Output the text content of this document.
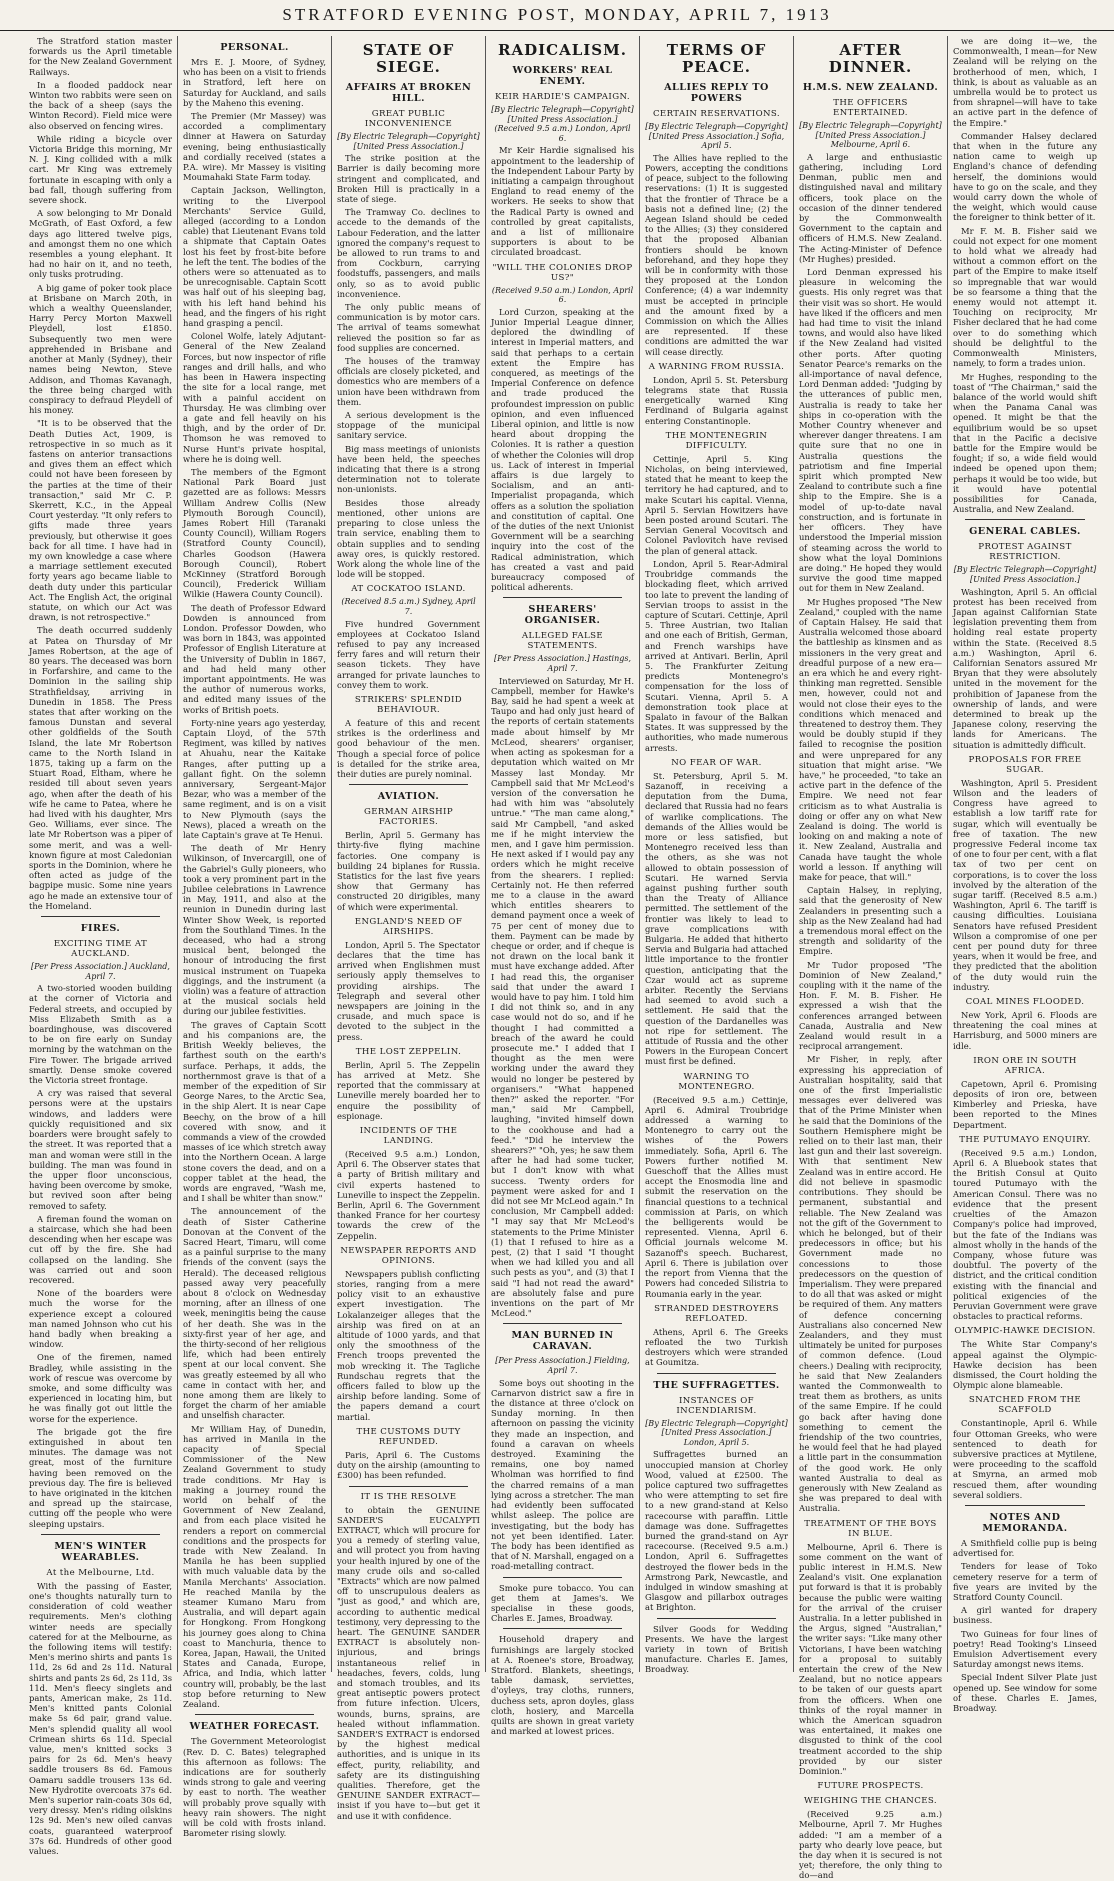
STRATFORD EVENING POST, MONDAY, APRIL 7, 1913

The Stratford station master forwards us the April timetable for the New Zealand Government Railways.

In a flooded paddock near Winton two rabbits were seen on the back of a sheep (says the Winton Record). Field mice were also observed on fencing wires.

While riding a bicycle over Victoria Bridge this morning, Mr N. J. King collided with a milk cart. Mr King was extremely fortunate in escaping with only a bad fall, though suffering from severe shock.

A sow belonging to Mr Donald McGrath, of East Oxford, a few days ago littered twelve pigs, and amongst them no one which resembles a young elephant. It had no hair on it, and no teeth, only tusks protruding.

A big game of poker took place at Brisbane on March 20th, in which a wealthy Queenslander, Harry Percy Morton Maxwell Pleydell, lost £1850. Subsequently two men were apprehended in Brisbane and another at Manly (Sydney), their names being Newton, Steve Addison, and Thomas Kavanagh, the three being charged with conspiracy to defraud Pleydell of his money.

"It is to be observed that the Death Duties Act, 1909, is retrospective in so much as it fastens on anterior transactions and gives them an effect which could not have been foreseen by the parties at the time of their transaction," said Mr C. P. Skerrett, K.C., in the Appeal Court yesterday. "It only refers to gifts made three years previously, but otherwise it goes back for all time. I have had in my own knowledge a case where a marriage settlement executed forty years ago became liable to death duty under this particular Act. The English Act, the original statute, on which our Act was drawn, is not retrospective."

The death occurred suddenly at Patea on Thursday of Mr James Robertson, at the age of 80 years. The deceased was born in Forfarshire, and came to the Dominion in the sailing ship Strathfieldsay, arriving in Dunedin in 1858. The Press states that after working on the famous Dunstan and several other goldfields of the South Island, the late Mr Robertson came to the North Island in 1875, taking up a farm on the Stuart Road, Eltham, where he resided till about seven years ago, when after the death of his wife he came to Patea, where he had lived with his daughter, Mrs Geo. Williams, ever since. The late Mr Robertson was a piper of some merit, and was a well-known figure at most Caledonian sports in the Dominion, where he often acted as judge of the bagpipe music. Some nine years ago he made an extensive tour of the Homeland.

FIRES.
EXCITING TIME AT AUCKLAND.
[Per Press Association.] Auckland, April 7.

A two-storied wooden building at the corner of Victoria and Federal streets, and occupied by Miss Elizabeth Smith as a boardinghouse, was discovered to be on fire early on Sunday morning by the watchman on the Fire Tower. The brigade arrived smartly. Dense smoke covered the Victoria street frontage.

A cry was raised that several persons were at the upstairs windows, and ladders were quickly requisitioned and six boarders were brought safely to the street. It was reported that a man and woman were still in the building. The man was found in the upper floor unconscious, having been overcome by smoke, but revived soon after being removed to safety.

A fireman found the woman on a staircase, which she had been descending when her escape was cut off by the fire. She had collapsed on the landing. She was carried out and soon recovered.

None of the boarders were much the worse for the experience except a coloured man named Johnson who cut his hand badly when breaking a window.

One of the firemen, named Bradley, while assisting in the work of rescue was overcome by smoke, and some difficulty was experienced in locating him, but he was finally got out little the worse for the experience.

The brigade got the fire extinguished in about ten minutes. The damage was not great, most of the furniture having been removed on the previous day. The fire is believed to have originated in the kitchen and spread up the staircase, cutting off the people who were sleeping upstairs.

MEN'S WINTER WEARABLES.
At the Melbourne, Ltd.

With the passing of Easter, one's thoughts naturally turn to consideration of cold weather requirements. Men's clothing winter needs are specially catered for at the Melbourne, as the following items will testify: Men's merino shirts and pants 1s 11d, 2s 6d and 2s 11d. Natural shirts and pants 2s 6d, 2s 11d, 3s 11d. Men's fleecy singlets and pants, American make, 2s 11d. Men's knitted pants Colonial make 5s 6d pair, grand value. Men's splendid quality all wool Crimean shirts 6s 11d. Special value, men's knitted socks 3 pairs for 2s 6d. Men's heavy saddle trousers 8s 6d. Famous Oamaru saddle trousers 13s 6d. New Hydrotite overcoats 37s 6d. Men's superior rain-coats 30s 6d, very dressy. Men's riding oilskins 12s 9d. Men's new oiled canvas coats, guaranteed waterproof 37s 6d. Hundreds of other good values.

PERSONAL.

Mrs E. J. Moore, of Sydney, who has been on a visit to friends in Stratford, left here on Saturday for Auckland, and sails by the Maheno this evening.

The Premier (Mr Massey) was accorded a complimentary dinner at Hawera on Saturday evening, being enthusiastically and cordially received (states a P.A. wire). Mr Massey is visiting Moumahaki State Farm today.

Captain Jackson, Wellington, writing to the Liverpool Merchants' Service Guild, alleged (according to a London cable) that Lieutenant Evans told a shipmate that Captain Oates lost his feet by frost-bite before he left the tent. The bodies of the others were so attenuated as to be unrecognisable. Captain Scott was half out of his sleeping bag, with his left hand behind his head, and the fingers of his right hand grasping a pencil.

Colonel Wolfe, lately Adjutant-General of the New Zealand Forces, but now inspector of rifle ranges and drill halls, and who has been in Hawera inspecting the site for a local range, met with a painful accident on Thursday. He was climbing over a gate and fell heavily on his thigh, and by the order of Dr. Thomson he was removed to Nurse Hunt's private hospital, where he is doing well.

The members of the Egmont National Park Board just gazetted are as follows: Messrs William Andrew Collis (New Plymouth Borough Council), James Robert Hill (Taranaki County Council), William Rogers (Stratford County Council), Charles Goodson (Hawera Borough Council), Robert McKinney (Stratford Borough Council), Frederick William Wilkie (Hawera County Council).

The death of Professor Edward Dowden is announced from London. Professor Dowden, who was born in 1843, was appointed Professor of English Literature at the University of Dublin in 1867, and had held many other important appointments. He was the author of numerous works, and edited many issues of the works of British poets.

Forty-nine years ago yesterday, Captain Lloyd, of the 57th Regiment, was killed by natives at Ahuahu, near the Kaitake Ranges, after putting up a gallant fight. On the solemn anniversary, Sergeant-Major Bezar, who was a member of the same regiment, and is on a visit to New Plymouth (says the News), placed a wreath on the late Captain's grave at Te Henui.

The death of Mr Henry Wilkinson, of Invercargill, one of the Gabriel's Gully pioneers, who took a very prominent part in the Jubilee celebrations in Lawrence in May, 1911, and also at the reunion in Dunedin during last Winter Show Week, is reported from the Southland Times. In the deceased, who had a strong musical bent, belonged the honour of introducing the first musical instrument on Tuapeka diggings, and the instrument (a violin) was a feature of attraction at the musical socials held during our jubilee festivities.

The graves of Captain Scott and his companions are, the British Weekly believes, the farthest south on the earth's surface. Perhaps, it adds, the northernmost grave is that of a member of the expedition of Sir George Nares, to the Arctic Sea, in the ship Alert. It is near Cape Beechy, on the brow of a hill covered with snow, and it commands a view of the crowded masses of ice which stretch away into the Northern Ocean. A large stone covers the dead, and on a copper tablet at the head, the words are engraved, "Wash me, and I shall be whiter than snow."

The announcement of the death of Sister Catherine Donovan at the Convent of the Sacred Heart, Timaru, will come as a painful surprise to the many friends of the convent (says the Herald). The deceased religious passed away very peacefully about 8 o'clock on Wednesday morning, after an illness of one week, meningitis being the cause of her death. She was in the sixty-first year of her age, and the thirty-second of her religious life, which had been entirely spent at our local convent. She was greatly esteemed by all who came in contact with her, and none among them are likely to forget the charm of her amiable and unselfish character.

Mr William Hay, of Dunedin, has arrived in Manila in the capacity of Special Commissioner of the New Zealand Government to study trade conditions. Mr Hay is making a journey round the world on behalf of the Government of New Zealand, and from each place visited he renders a report on commercial conditions and the prospects for trade with New Zealand. In Manila he has been supplied with much valuable data by the Manila Merchants' Association. He reached Manila by the steamer Kumano Maru from Australia, and will depart again for Hongkong. From Hongkong his journey goes along to China coast to Manchuria, thence to Korea, Japan, Hawaii, the United States and Canada, Europe, Africa, and India, which latter country will, probably, be the last stop before returning to New Zealand.

WEATHER FORECAST.

The Government Meteorologist (Rev. D. C. Bates) telegraphed this afternoon as follows: The indications are for southerly winds strong to gale and veering by east to north. The weather will probably prove squally with heavy rain showers. The night will be cold with frosts inland. Barometer rising slowly.

STATE OF SIEGE.
AFFAIRS AT BROKEN HILL.
GREAT PUBLIC INCONVENIENCE
[By Electric Telegraph—Copyright] [United Press Association.]

The strike position at the Barrier is daily becoming more stringent and complicated, and Broken Hill is practically in a state of siege.

The Tramway Co. declines to accede to the demands of the Labour Federation, and the latter ignored the company's request to be allowed to run trams to and from Cockburn, carrying foodstuffs, passengers, and mails only, so as to avoid public inconvenience.

The only public means of communication is by motor cars. The arrival of teams somewhat relieved the position so far as food supplies are concerned.

The houses of the tramway officials are closely picketed, and domestics who are members of a union have been withdrawn from them.

A serious development is the stoppage of the municipal sanitary service.

Big mass meetings of unionists have been held, the speeches indicating that there is a strong determination not to tolerate non-unionists.

Besides those already mentioned, other unions are preparing to close unless the train service, enabling them to obtain supplies and to sending away ores, is quickly restored. Work along the whole line of the lode will be stopped.

AT COCKATOO ISLAND.
(Received 8.5 a.m.) Sydney, April 7.

Five hundred Government employees at Cockatoo Island refused to pay any increased ferry fares and will return their season tickets. They have arranged for private launches to convey them to work.

STRIKERS' SPLENDID BEHAVIOUR.

A feature of this and recent strikes is the orderliness and good behaviour of the men. Though a special force of police is detailed for the strike area, their duties are purely nominal.

AVIATION.
GERMAN AIRSHIP FACTORIES.

Berlin, April 5. Germany has thirty-five flying machine factories. One company is building 24 biplanes for Russia. Statistics for the last five years show that Germany has constructed 20 dirigibles, many of which were experimental.

ENGLAND'S NEED OF AIRSHIPS.

London, April 5. The Spectator declares that the time has arrived when Englishmen must seriously apply themselves to providing airships. The Telegraph and several other newspapers are joining in the crusade, and much space is devoted to the subject in the press.

THE LOST ZEPPELIN.

Berlin, April 5. The Zeppelin has arrived at Metz. She reported that the commissary at Luneville merely boarded her to enquire the possibility of espionage.

INCIDENTS OF THE LANDING.

(Received 9.5 a.m.) London, April 6. The Observer states that a party of British military and civil experts hastened to Luneville to inspect the Zeppelin. Berlin, April 6. The Government thanked France for her courtesy towards the crew of the Zeppelin.

NEWSPAPER REPORTS AND OPINIONS.

Newspapers publish conflicting stories, ranging from a mere policy visit to an exhaustive expert investigation. The Lokalanzeiger alleges that the airship was fired on at an altitude of 1000 yards, and that only the smoothness of the French troops prevented the mob wrecking it. The Tagliche Rundschau regrets that the officers failed to blow up the airship before landing. Some of the papers demand a court martial.

THE CUSTOMS DUTY REFUNDED.

Paris, April 6. The Customs duty on the airship (amounting to £300) has been refunded.

IT IS THE RESOLVE

to obtain the GENUINE SANDER'S EUCALYPTI EXTRACT, which will procure for you a remedy of sterling value, and will protect you from having your health injured by one of the many crude oils and so-called "Extracts" which are now palmed off to unscrupulous dealers as "just as good," and which are, according to authentic medical testimony, very depressing to the heart. The GENUINE SANDER EXTRACT is absolutely non-injurious, and brings instantaneous relief in headaches, fevers, colds, lung and stomach troubles, and its great antiseptic powers protect from future infection. Ulcers, wounds, burns, sprains, are healed without inflammation. SANDER'S EXTRACT is endorsed by the highest medical authorities, and is unique in its effect, purity, reliability, and safety are its distinguishing qualities. Therefore, get the GENUINE SANDER EXTRACT—insist if you have to—but get it and use it with confidence.

RADICALISM.
WORKERS' REAL ENEMY.
KEIR HARDIE'S CAMPAIGN.
[By Electric Telegraph—Copyright] [United Press Association.] (Received 9.5 a.m.) London, April 6.

Mr Keir Hardie signalised his appointment to the leadership of the Independent Labour Party by initiating a campaign throughout England to read enemy of the workers. He seeks to show that the Radical Party is owned and controlled by great capitalists, and a list of millionaire supporters is about to be circulated broadcast.

"WILL THE COLONIES DROP US?"
(Received 9.50 a.m.) London, April 6.

Lord Curzon, speaking at the Junior Imperial League dinner, deplored the dwindling of interest in Imperial matters, and said that perhaps to a certain extent the Empire has conquered, as meetings of the Imperial Conference on defence and trade produced the profoundest impression on public opinion, and even influenced Liberal opinion, and little is now heard about dropping the Colonies. It is rather a question of whether the Colonies will drop us. Lack of interest in Imperial affairs is due largely to Socialism, and an anti-Imperialist propaganda, which offers as a solution the spoliation and constitution of capital. One of the duties of the next Unionist Government will be a searching inquiry into the cost of the Radical administration, which has created a vast and paid bureaucracy composed of political adherents.

SHEARERS' ORGANISER.
ALLEGED FALSE STATEMENTS.
[Per Press Association.] Hastings, April 7.

Interviewed on Saturday, Mr H. Campbell, member for Hawke's Bay, said he had spent a week at Taupo and had only just heard of the reports of certain statements made about himself by Mr McLeod, shearers' organiser, when acting as spokesman for a deputation which waited on Mr Massey last Monday. Mr Campbell said that Mr McLeod's version of the conversation he had with him was "absolutely untrue." "The man came along," said Mr Campbell, "and asked me if he might interview the men, and I gave him permission. He next asked if I would pay any orders which he might receive from the shearers. I replied: Certainly not. He then referred me to a clause in the award which entitles shearers to demand payment once a week of 75 per cent of money due to them. Payment can be made by cheque or order, and if cheque is not drawn on the local bank it must have exchange added. After I had read this, the organiser said that under the award I would have to pay him. I told him I did not think so, and in any case would not do so, and if he thought I had committed a breach of the award he could prosecute me." I added that I thought as the men were working under the award they would no longer be pestered by organisers." "What happened then?" asked the reporter. "For man," said Mr Campbell, laughing, "invited himself down to the cookhouse and had a feed." "Did he interview the shearers?" "Oh, yes; he saw them after he had had some tucker, but I don't know with what success. Twenty orders for payment were asked for and I did not see Mr McLeod again." In conclusion, Mr Campbell added: "I may say that Mr McLeod's statements to the Prime Minister (1) that I refused to hire as a pest, (2) that I said "I thought when we had killed you and all such pests as you", and (3) that I said "I had not read the award" are absolutely false and pure inventions on the part of Mr McLeod."

MAN BURNED IN CARAVAN.
[Per Press Association.] Fielding, April 7.

Some boys out shooting in the Carnarvon district saw a fire in the distance at three o'clock on Sunday morning. In then afternoon on passing the vicinity they made an inspection, and found a caravan on wheels destroyed. Examining the remains, one boy named Wholman was horrified to find the charred remains of a man lying across a stretcher. The man had evidently been suffocated whilst asleep. The police are investigating, but the body has not yet been identified. Later. The body has been identified as that of N. Marshall, engaged on a road-metalling contract.

Smoke pure tobacco. You can get them at James's. We specialise in these goods, Charles E. James, Broadway.

Household drapery and furnishings are largely stocked at A. Roenee's store, Broadway, Stratford. Blankets, sheetings, table damask, serviettes, d'oyleys, tray cloths, runners, duchess sets, apron doyles, glass cloth, hosiery, and Marcella quilts are shown in great variety and marked at lowest prices.

TERMS OF PEACE.
ALLIES REPLY TO POWERS
CERTAIN RESERVATIONS.
[By Electric Telegraph—Copyright] [United Press Association.] Sofia, April 5.

The Allies have replied to the Powers, accepting the conditions of peace, subject to the following reservations: (1) It is suggested that the frontier of Thrace be a basis not a defined line; (2) the Aegean Island should be ceded to the Allies; (3) they considered that the proposed Albanian frontiers should be known beforehand, and they hope they will be in conformity with those they proposed at the London Conference; (4) a war indemnity must be accepted in principle and the amount fixed by a Commission on which the Allies are represented. If these conditions are admitted the war will cease directly.

A WARNING FROM RUSSIA.

London, April 5. St. Petersburg telegrams state that Russia energetically warned King Ferdinand of Bulgaria against entering Constantinople.

THE MONTENEGRIN DIFFICULTY.

Cettinje, April 5. King Nicholas, on being interviewed, stated that he meant to keep the territory he had captured, and to make Scutari his capital. Vienna, April 5. Servian Howitzers have been posted around Scutari. The Servian General Vocovitsch and Colonel Pavlovitch have revised the plan of general attack.

London, April 5. Rear-Admiral Troubridge commands the blockading fleet, which arrived too late to prevent the landing of Servian troops to assist in the capture of Scutari. Cettinje, April 5. Three Austrian, two Italian and one each of British, German, and French warships have arrived at Antivari. Berlin, April 5. The Frankfurter Zeitung predicts Montenegro's compensation for the loss of Scutari. Vienna, April 5. A demonstration took place at Spalato in favour of the Balkan States. It was suppressed by the authorities, who made numerous arrests.

NO FEAR OF WAR.

St. Petersburg, April 5. M. Sazanoff, in receiving a deputation from the Duma, declared that Russia had no fears of warlike complications. The demands of the Allies would be more or less satisfied, but Montenegro received less than the others, as she was not allowed to obtain possession of Scutari. He warned Servia against pushing further south than the Treaty of Alliance permitted. The settlement of the frontier was likely to lead to grave complications with Bulgaria. He added that hitherto Servia and Bulgaria had attached little importance to the frontier question, anticipating that the Czar would act as supreme arbiter. Recently the Servians had seemed to avoid such a settlement. He said that the question of the Dardanelles was not ripe for settlement. The attitude of Russia and the other Powers in the European Concert must first be defined.

WARNING TO MONTENEGRO.

(Received 9.5 a.m.) Cettinje, April 6. Admiral Troubridge addressed a warning to Montenegro to carry out the wishes of the Powers immediately. Sofia, April 6. The Powers further notified M. Gueschoff that the Allies must accept the Enosmodia line and submit the reservation on the financial questions to a technical commission at Paris, on which the belligerents would be represented. Vienna, April 6. Official journals welcome M. Sazanoff's speech. Bucharest, April 6. There is jubilation over the report from Vienna that the Powers had conceded Silistria to Roumania early in the year.

STRANDED DESTROYERS REFLOATED.

Athens, April 6. The Greeks refloated the two Turkish destroyers which were stranded at Goumitza.

THE SUFFRAGETTES.
INSTANCES OF INCENDIARISM.
[By Electric Telegraph—Copyright] [United Press Association.] London, April 5.

Suffragettes burned an unoccupied mansion at Chorley Wood, valued at £2500. The police captured two suffragettes who were attempting to set fire to a new grand-stand at Kelso racecourse with paraffin. Little damage was done. Suffragettes burned the grand-stand on Ayr racecourse. (Received 9.5 a.m.) London, April 6. Suffragettes destroyed the flower beds in the Armstrong Park, Newcastle, and indulged in window smashing at Glasgow and pillarbox outrages at Brighton.

Silver Goods for Wedding Presents. We have the largest variety in town of British manufacture. Charles E. James, Broadway.

AFTER DINNER.
H.M.S. NEW ZEALAND.
THE OFFICERS ENTERTAINED.
[By Electric Telegraph—Copyright] [United Press Association.] Melbourne, April 6.

A large and enthusiastic gathering, including Lord Denman, public men and distinguished naval and military officers, took place on the occasion of the dinner tendered by the Commonwealth Government to the captain and officers of H.M.S. New Zealand. The Acting-Minister of Defence (Mr Hughes) presided.

Lord Denman expressed his pleasure in welcoming the guests. His only regret was that their visit was so short. He would have liked if the officers and men had had time to visit the inland towns, and would also have liked if the New Zealand had visited other ports. After quoting Senator Pearce's remarks on the all-importance of naval defence, Lord Denman added: "Judging by the utterances of public men, Australia is ready to take her ships in co-operation with the Mother Country whenever and wherever danger threatens. I am quite sure that no one in Australia questions the patriotism and fine Imperial spirit which prompted New Zealand to contribute such a fine ship to the Empire. She is a model of up-to-date naval construction, and is fortunate in her officers. They have understood the Imperial mission of steaming across the world to show what the loyal Dominions are doing." He hoped they would survive the good time mapped out for them in New Zealand.

Mr Hughes proposed "The New Zealand," coupled with the name of Captain Halsey. He said that Australia welcomed those aboard the battleship as kinsmen and as missioners in the very great and dreadful purpose of a new era—an era which he and every right-thinking man regretted. Sensible men, however, could not and would not close their eyes to the conditions which menaced and threatened to destroy them. They would be doubly stupid if they failed to recognise the position and were unprepared for any situation that might arise. "We have," he proceeded, "to take an active part in the defence of the Empire. We need not fear criticism as to what Australia is doing or offer any on what New Zealand is doing. The world is looking on and making a note of it. New Zealand, Australia and Canada have taught the whole world a lesson. If anything will make for peace, that will."

Captain Halsey, in replying, said that the generosity of New Zealanders in presenting such a ship as the New Zealand had had a tremendous moral effect on the strength and solidarity of the Empire.

Mr Tudor proposed "The Dominion of New Zealand," coupling with it the name of the Hon. F. M. B. Fisher. He expressed a wish that the conferences arranged between Canada, Australia and New Zealand would result in a reciprocal arrangement.

Mr Fisher, in reply, after expressing his appreciation of Australian hospitality, said that one of the first Imperialistic messages ever delivered was that of the Prime Minister when he said that the Dominions of the Southern Hemisphere might be relied on to their last man, their last gun and their last sovereign. With that sentiment New Zealand was in entire accord. He did not believe in spasmodic contributions. They should be permanent, substantial and reliable. The New Zealand was not the gift of the Government to which he belonged, but of their predecessors in office; but his Government made no concessions to those predecessors on the question of Imperialism. They were prepared to do all that was asked or might be required of them. Any matters of defence concerning Australians also concerned New Zealanders, and they must ultimately be united for purposes of common defence. (Loud cheers.) Dealing with reciprocity, he said that New Zealanders wanted the Commonwealth to treat them as brothers, as units of the same Empire. If he could go back after having done something to cement the friendship of the two countries, he would feel that he had played a little part in the consummation of the good work. He only wanted Australia to deal as generously with New Zealand as she was prepared to deal with Australia.

TREATMENT OF THE BOYS IN BLUE.

Melbourne, April 6. There is some comment on the want of public interest in H.M.S. New Zealand's visit. One explanation put forward is that it is probably because the public were waiting for the arrival of the cruiser Australia. In a letter published in the Argus, signed "Australian," the writer says: "Like many other Victorians, I have been watching for a proposal to suitably entertain the crew of the New Zealand, but no notice appears to be taken of our guests apart from the officers. When one thinks of the royal manner in which the American squadron was entertained, it makes one disgusted to think of the cool treatment accorded to the ship provided by our sister Dominion."

FUTURE PROSPECTS.
WEIGHING THE CHANCES.

(Received 9.25 a.m.) Melbourne, April 7. Mr Hughes added: "I am a member of a party who dearly love peace, but the day when it is secured is not yet; therefore, the only thing to do—and

we are doing it—we, the Commonwealth, I mean—for New Zealand will be relying on the brotherhood of men, which, I think, is about as valuable as an umbrella would be to protect us from shrapnel—will have to take an active part in the defence of the Empire."

Commander Halsey declared that when in the future any nation came to weigh up England's chance of defending herself, the dominions would have to go on the scale, and they would carry down the whole of the weight, which would cause the foreigner to think better of it.

Mr F. M. B. Fisher said we could not expect for one moment to hold what we already had without a common effort on the part of the Empire to make itself so impregnable that war would be so fearsome a thing that the enemy would not attempt it. Touching on reciprocity, Mr Fisher declared that he had come over to do something which should be delightful to the Commonwealth Ministers, namely, to form a trades union.

Mr Hughes, responding to the toast of "The Chairman," said the balance of the world would shift when the Panama Canal was opened. It might be that the equilibrium would be so upset that in the Pacific a decisive battle for the Empire would be fought; if so, a wide field would indeed be opened upon them; perhaps it would be too wide, but it would have potential possibilities for Canada, Australia, and New Zealand.

GENERAL CABLES.
PROTEST AGAINST RESTRICTION.
[By Electric Telegraph—Copyright] [United Press Association.]

Washington, April 5. An official protest has been received from Japan against Californian State legislation preventing them from holding real estate property within the State. (Received 8.5 a.m.) Washington, April 6. Californian Senators assured Mr Bryan that they were absolutely united in the movement for the prohibition of Japanese from the ownership of lands, and were determined to break up the Japanese colony, reserving the lands for Americans. The situation is admittedly difficult.

PROPOSALS FOR FREE SUGAR.

Washington, April 5. President Wilson and the leaders of Congress have agreed to establish a low tariff rate for sugar, which will eventually be free of taxation. The new progressive Federal income tax of one to four per cent, with a flat tax of two per cent on corporations, is to cover the loss involved by the alteration of the sugar tariff. (Received 8.5 a.m.) Washington, April 6. The tariff is causing difficulties. Louisiana Senators have refused President Wilson a compromise of one per cent per pound duty for three years, when it would be free, and they predicted that the abolition of the duty would ruin the industry.

COAL MINES FLOODED.

New York, April 6. Floods are threatening the coal mines at Harrisburg, and 5000 miners are idle.

IRON ORE IN SOUTH AFRICA.

Capetown, April 6. Promising deposits of iron ore, between Kimberley and Prieska, have been reported to the Mines Department.

THE PUTUMAYO ENQUIRY.

(Received 9.5 a.m.) London, April 6. A Bluebook states that the British Consul at Quito toured Putumayo with the American Consul. There was no evidence that the present cruelties of the Amazon Company's police had improved, but the fate of the Indians was almost wholly in the hands of the Company, whose future was doubtful. The poverty of the district, and the critical condition existing with the financial and political exigencies of the Peruvian Government were grave obstacles to practical reforms.

OLYMPIC-HAWKE DECISION.

The White Star Company's appeal against the Olympic-Hawke decision has been dismissed, the Court holding the Olympic alone blameable.

SNATCHED FROM THE SCAFFOLD

Constantinople, April 6. While four Ottoman Greeks, who were sentenced to death for subversive practices at Mytilene, were proceeding to the scaffold at Smyrna, an armed mob rescued them, after wounding several soldiers.

NOTES AND MEMORANDA.

A Smithfield collie pup is being advertised for.

Tenders for lease of Toko cemetery reserve for a term of five years are invited by the Stratford County Council.

A girl wanted for drapery business.

Two Guineas for four lines of poetry! Read Tooking's Linseed Emulsion Advertisement every Saturday amongst news items.

Special Indent Silver Plate just opened up. See window for some of these. Charles E. James, Broadway.
